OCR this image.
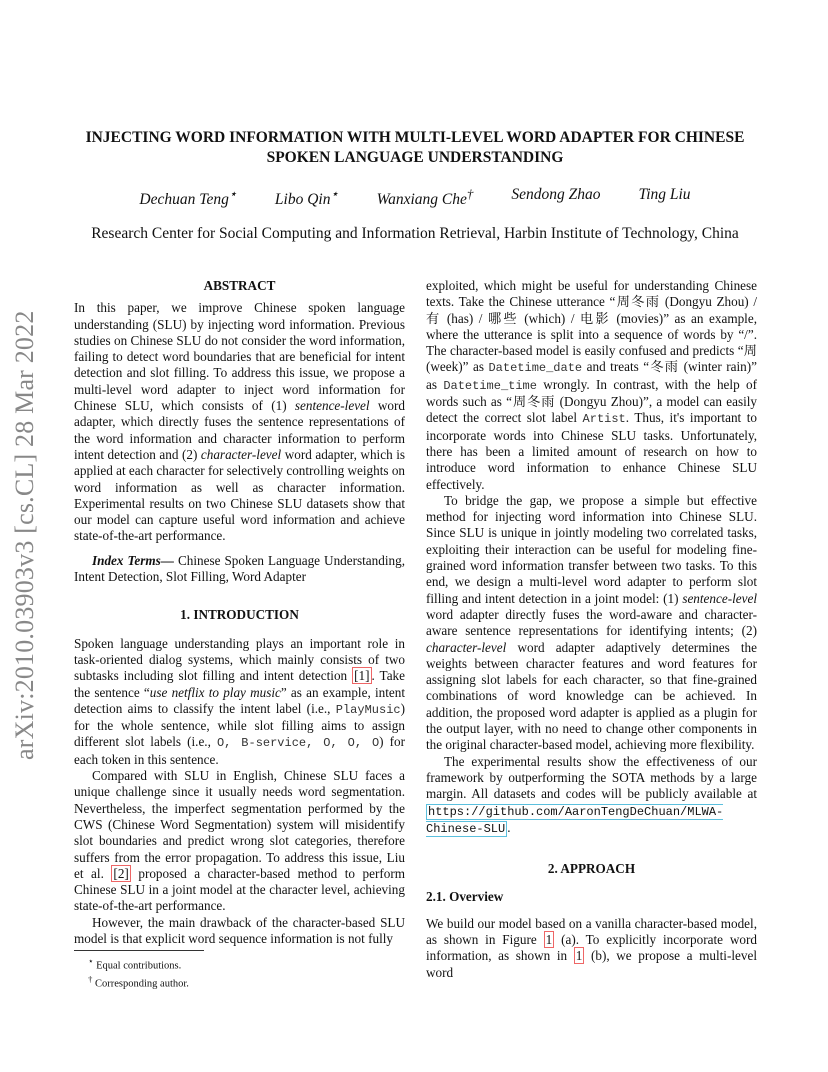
arXiv:2010.03903v3 [cs.CL] 28 Mar 2022
INJECTING WORD INFORMATION WITH MULTI-LEVEL WORD ADAPTER FOR CHINESE SPOKEN LANGUAGE UNDERSTANDING
Dechuan Teng⋆ Libo Qin⋆ Wanxiang Che† Sendong Zhao Ting Liu
Research Center for Social Computing and Information Retrieval, Harbin Institute of Technology, China

ABSTRACT

In this paper, we improve Chinese spoken language understanding (SLU) by injecting word information. Previous studies on Chinese SLU do not consider the word information, failing to detect word boundaries that are beneficial for intent detection and slot filling. To address this issue, we propose a multi-level word adapter to inject word information for Chinese SLU, which consists of (1) sentence-level word adapter, which directly fuses the sentence representations of the word information and character information to perform intent detection and (2) character-level word adapter, which is applied at each character for selectively controlling weights on word information as well as character information. Experimental results on two Chinese SLU datasets show that our model can capture useful word information and achieve state-of-the-art performance.

Index Terms— Chinese Spoken Language Understanding, Intent Detection, Slot Filling, Word Adapter

1. INTRODUCTION

Spoken language understanding plays an important role in task-oriented dialog systems, which mainly consists of two subtasks including slot filling and intent detection [1] . Take the sentence “use netflix to play music” as an example, intent detection aims to classify the intent label (i.e., PlayMusic) for the whole sentence, while slot filling aims to assign different slot labels (i.e., O, B-service, O, O, O) for each token in this sentence.

Compared with SLU in English, Chinese SLU faces a unique challenge since it usually needs word segmentation. Nevertheless, the imperfect segmentation performed by the CWS (Chinese Word Segmentation) system will misidentify slot boundaries and predict wrong slot categories, therefore suffers from the error propagation. To address this issue, Liu et al. [2] proposed a character-based method to perform Chinese SLU in a joint model at the character level, achieving state-of-the-art performance.

However, the main drawback of the character-based SLU model is that explicit word sequence information is not fully

exploited, which might be useful for understanding Chinese texts. Take the Chinese utterance “周冬雨 (Dongyu Zhou) / 有 (has) / 哪些 (which) / 电影 (movies)” as an example, where the utterance is split into a sequence of words by “/”. The character-based model is easily confused and predicts “周 (week)” as Datetime_date and treats “冬雨 (winter rain)” as Datetime_time wrongly. In contrast, with the help of words such as “周冬雨 (Dongyu Zhou)”, a model can easily detect the correct slot label Artist. Thus, it's important to incorporate words into Chinese SLU tasks. Unfortunately, there has been a limited amount of research on how to introduce word information to enhance Chinese SLU effectively.

To bridge the gap, we propose a simple but effective method for injecting word information into Chinese SLU. Since SLU is unique in jointly modeling two correlated tasks, exploiting their interaction can be useful for modeling fine-grained word information transfer between two tasks. To this end, we design a multi-level word adapter to perform slot filling and intent detection in a joint model: (1) sentence-level word adapter directly fuses the word-aware and character-aware sentence representations for identifying intents; (2) character-level word adapter adaptively determines the weights between character features and word features for assigning slot labels for each character, so that fine-grained combinations of word knowledge can be achieved. In addition, the proposed word adapter is applied as a plugin for the output layer, with no need to change other components in the original character-based model, achieving more flexibility.

The experimental results show the effectiveness of our framework by outperforming the SOTA methods by a large margin. All datasets and codes will be publicly available at https://github.com/AaronTengDeChuan/MLWA-Chinese-SLU .

2. APPROACH

2.1. Overview

We build our model based on a vanilla character-based model, as shown in Figure 1 (a). To explicitly incorporate word information, as shown in 1 (b), we propose a multi-level word

⋆ Equal contributions.

† Corresponding author.
